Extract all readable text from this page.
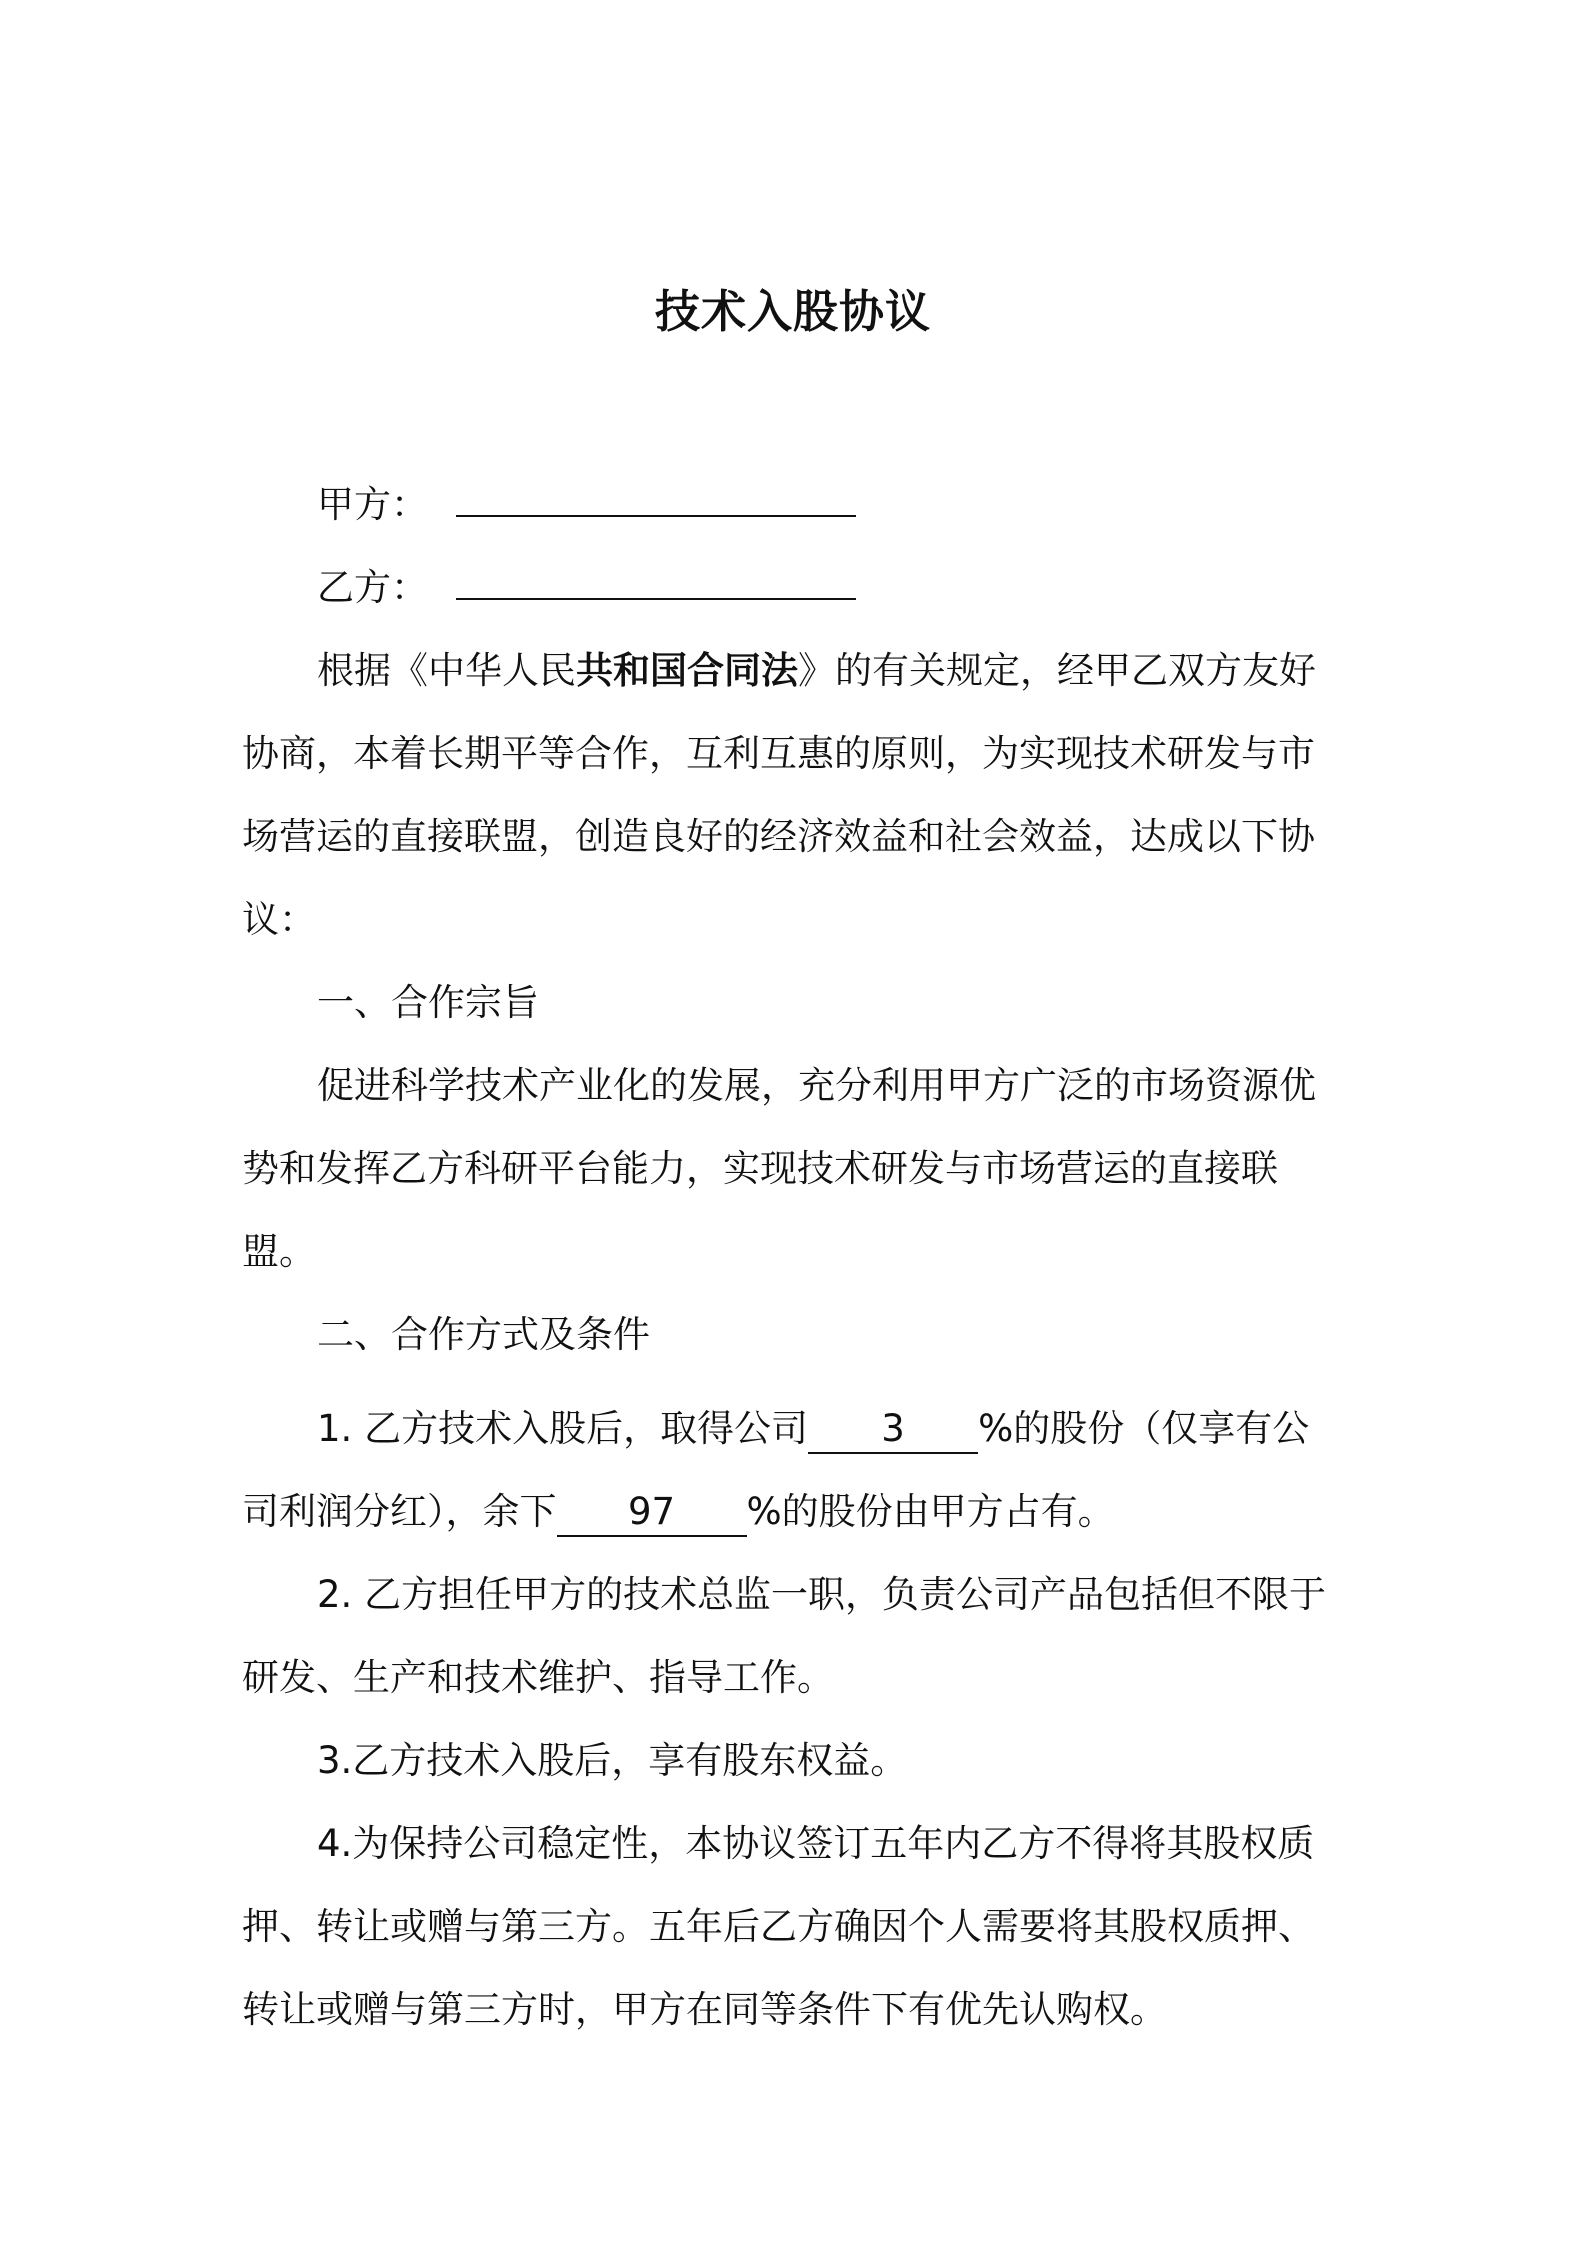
技术入股协议
甲方：
乙方：
根据《中华人民共和国合同法》的有关规定，经甲乙双方友好
协商，本着长期平等合作，互利互惠的原则，为实现技术研发与市
场营运的直接联盟，创造良好的经济效益和社会效益，达成以下协
议：
一、合作宗旨
促进科学技术产业化的发展，充分利用甲方广泛的市场资源优
势和发挥乙方科研平台能力，实现技术研发与市场营运的直接联
盟。
二、合作方式及条件
1. 乙方技术入股后，取得公司 3 %的股份（仅享有公
司利润分红），余下 97 %的股份由甲方占有。
2. 乙方担任甲方的技术总监一职，负责公司产品包括但不限于
研发、生产和技术维护、指导工作。
3.乙方技术入股后，享有股东权益。
4.为保持公司稳定性，本协议签订五年内乙方不得将其股权质
押、转让或赠与第三方。五年后乙方确因个人需要将其股权质押、
转让或赠与第三方时，甲方在同等条件下有优先认购权。
